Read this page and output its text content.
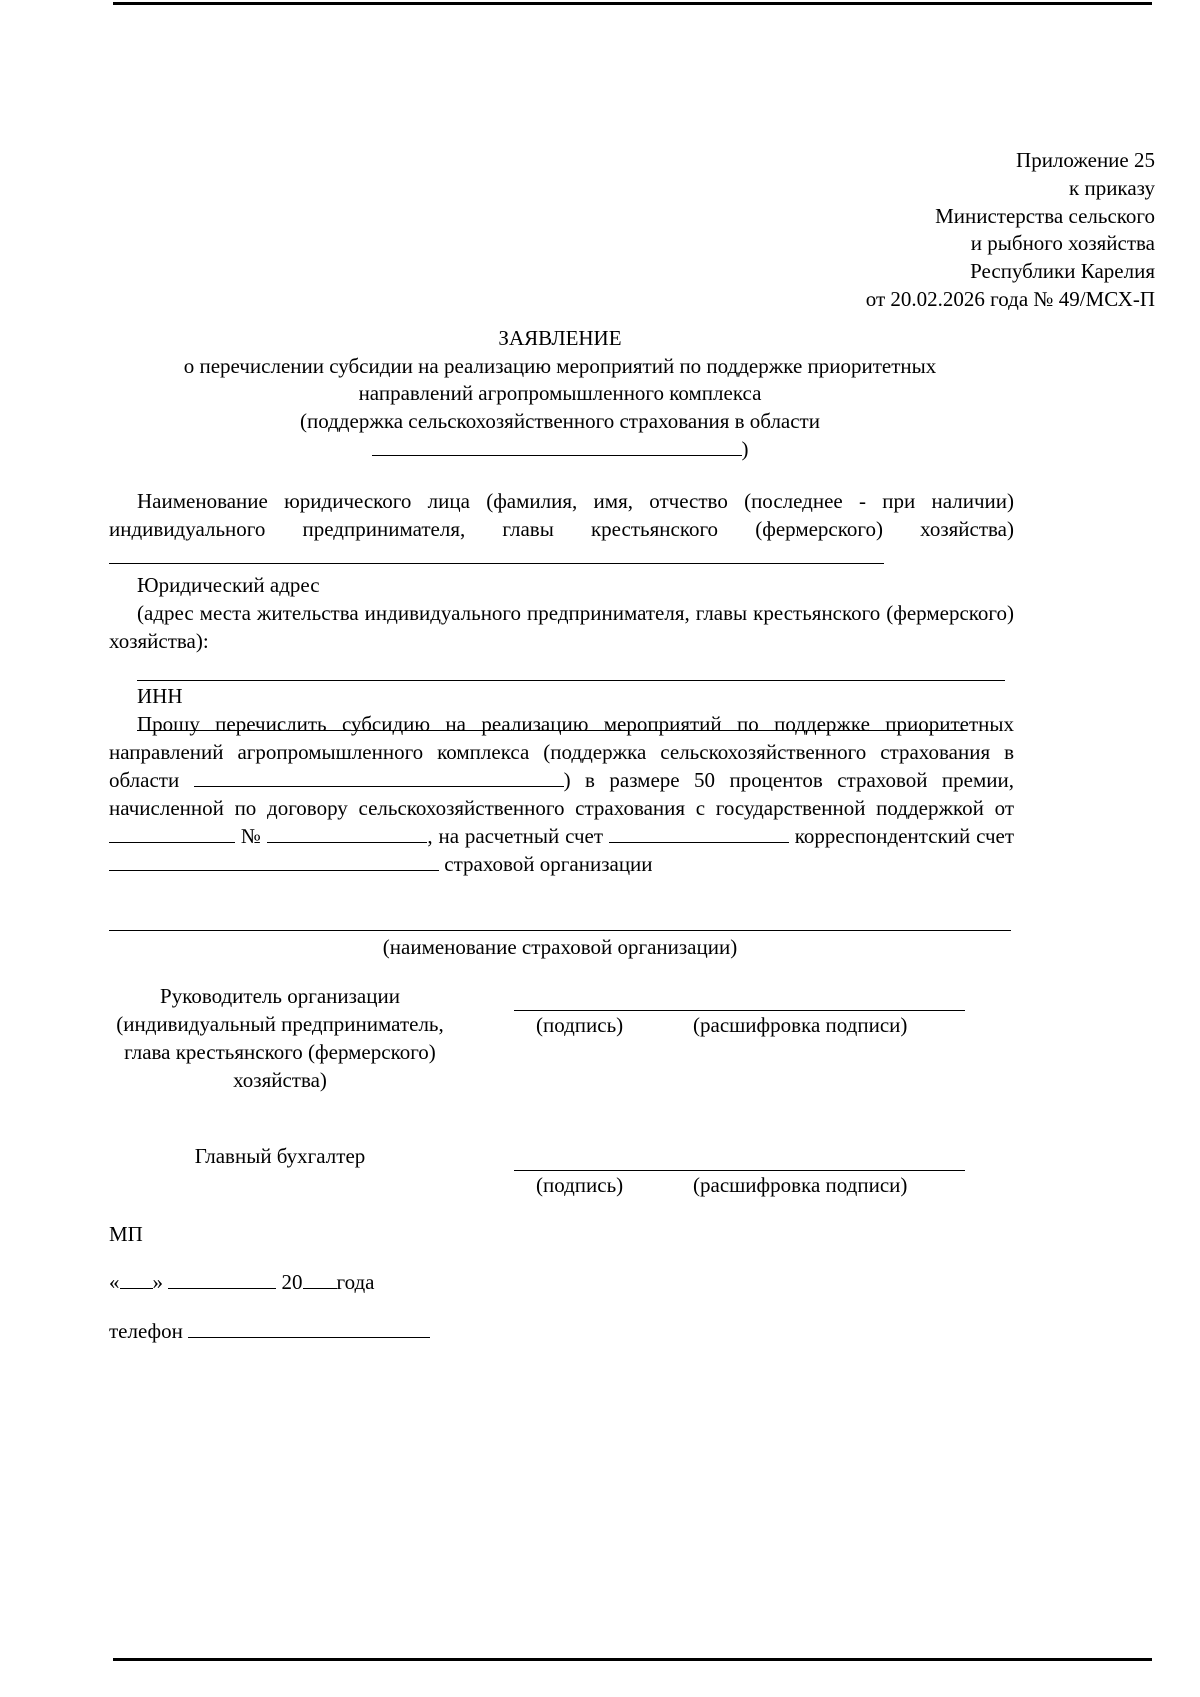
Приложение 25
к приказу
Министерства сельского
и рыбного хозяйства
Республики Карелия
от 20.02.2026 года № 49/МСХ-П
ЗАЯВЛЕНИЕ
о перечислении субсидии на реализацию мероприятий по поддержке приоритетных
направлений агропромышленного комплекса
(поддержка сельскохозяйственного страхования в области
)
Наименование юридического лица (фамилия, имя, отчество (последнее - при наличии) индивидуального предпринимателя, главы крестьянского (фермерского) хозяйства)
Юридический адрес
(адрес места жительства индивидуального предпринимателя, главы крестьянского (фермерского) хозяйства):
ИНН
Прошу перечислить субсидию на реализацию мероприятий по поддержке приоритетных направлений агропромышленного комплекса (поддержка сельскохозяйственного страхования в области	) в размере 50 процентов страховой премии, начисленной по договору сельскохозяйственного страхования с государственной поддержкой от  №	, на расчетный счет	корреспондентский счет  страховой организации
(наименование страховой организации)
Руководитель организации (индивидуальный предприниматель, глава крестьянского (фермерского) хозяйства)
(подпись)	(расшифровка подписи)
Главный бухгалтер
(подпись)	(расшифровка подписи)
МП
« »	20 года
телефон
